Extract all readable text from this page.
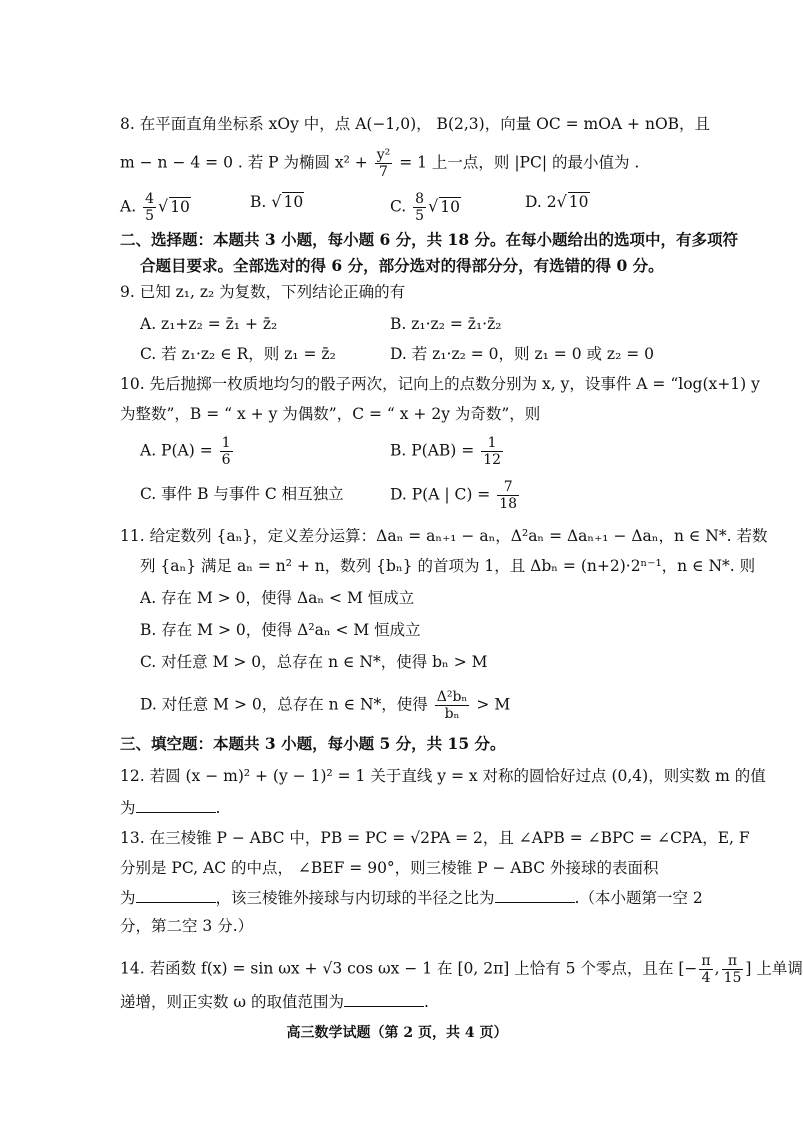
8. 在平面直角坐标系 xOy 中，点 A(−1,0)， B(2,3)，向量 OC = mOA + nOB，且
m − n − 4 = 0 . 若 P 为椭圆 $x^2 + \frac{\text{y²}}{7} = 1$ 上一点，则 |PC| 的最小值为 .
A. $\frac{4}{5}$ √ 10	B. √ 10	C. $\frac{8}{5}$ √ 10	D. 2√ 10
二、选择题：本题共 3 小题，每小题 6 分，共 18 分。在每小题给出的选项中，有多项符
合题目要求。全部选对的得 6 分，部分选对的得部分分，有选错的得 0 分。
9. 已知 z₁, z₂ 为复数，下列结论正确的有
A. z₁+z₂ = z̄₁ + z̄₂	B. z₁·z₂ = z̄₁·z̄₂
C. 若 z₁·z₂ ∈ R，则 z₁ = z̄₂	D. 若 z₁·z₂ = 0，则 z₁ = 0 或 z₂ = 0
10. 先后抛掷一枚质地均匀的骰子两次，记向上的点数分别为 x, y，设事件 A = “log(x+1) y
为整数”，B = “ x + y 为偶数”，C = “ x + 2y 为奇数”，则
A. $P(A) = \frac{1}{6}$	B. $P(AB) = \frac{1}{12}$
C. 事件 B 与事件 C 相互独立	D. P(A | $C) = \frac{7}{18}$
11. 给定数列 {aₙ}，定义差分运算：Δaₙ = aₙ₊₁ − aₙ，Δ²aₙ = Δaₙ₊₁ − Δaₙ，n ∈ N*. 若数
列 {aₙ} 满足 aₙ = n² + n，数列 {bₙ} 的首项为 1，且 Δbₙ = (n+2)·2ⁿ⁻¹，n ∈ N*. 则
A. 存在 M > 0，使得 Δaₙ < M 恒成立
B. 存在 M > 0，使得 Δ²aₙ < M 恒成立
C. 对任意 M > 0，总存在 n ∈ N*，使得 bₙ > M
D. 对任意 M > 0，总存在 n ∈ N*，使得 $\frac{\text{Δ²bₙ}}{\text{bₙ}} > M$
三、填空题：本题共 3 小题，每小题 5 分，共 15 分。
12. 若圆 (x − m)² + (y − 1)² = 1 关于直线 y = x 对称的圆恰好过点 (0,4)，则实数 m 的值
为	.
13. 在三棱锥 P − ABC 中，PB = PC = √2PA = 2，且 ∠APB = ∠BPC = ∠CPA，E, F
分别是 PC, AC 的中点， ∠BEF = 90°，则三棱锥 P − ABC 外接球的表面积
为	，该三棱锥外接球与内切球的半径之比为	.（本小题第一空 2
分，第二空 3 分.）
14. 若函数 f(x) = sin ωx + √3 cos ωx − 1 在 [0, 2π] 上恰有 5 个零点，且在 [− $\frac{\pi}{4}$ , $\frac{\pi}{15}$ ] 上单调
递增，则正实数 ω 的取值范围为	.
高三数学试题（第 2 页，共 4 页）
